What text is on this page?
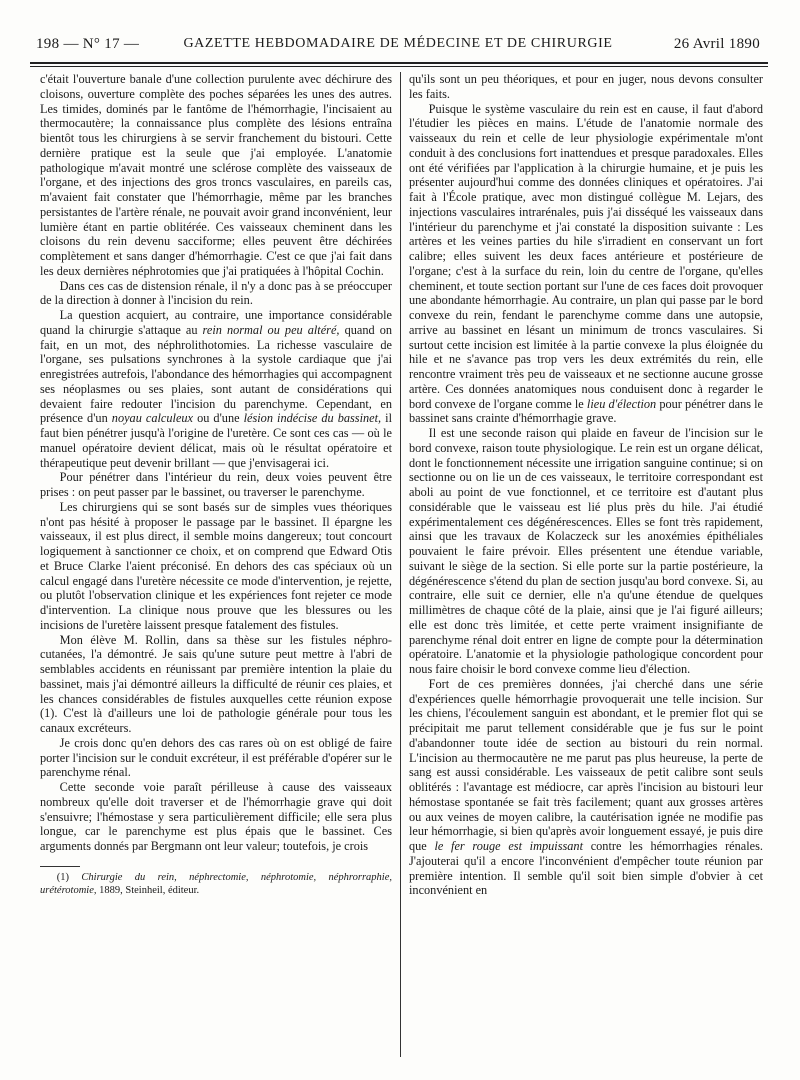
198 — N° 17 —	GAZETTE HEBDOMADAIRE DE MÉDECINE ET DE CHIRURGIE	26 Avril 1890

c'était l'ouverture banale d'une collection purulente avec déchirure des cloisons, ouverture complète des poches séparées les unes des autres. Les timides, dominés par le fantôme de l'hémorrhagie, l'incisaient au thermocautère; la connaissance plus complète des lésions entraîna bientôt tous les chirurgiens à se servir franchement du bistouri. Cette dernière pratique est la seule que j'ai employée. L'anatomie pathologique m'avait montré une sclérose complète des vaisseaux de l'organe, et des injections des gros troncs vasculaires, en pareils cas, m'avaient fait constater que l'hémorrhagie, même par les branches persistantes de l'artère rénale, ne pouvait avoir grand inconvénient, leur lumière étant en partie oblitérée. Ces vaisseaux cheminent dans les cloisons du rein devenu sacciforme; elles peuvent être déchirées complètement et sans danger d'hémorrhagie. C'est ce que j'ai fait dans les deux dernières néphrotomies que j'ai pratiquées à l'hôpital Cochin.

Dans ces cas de distension rénale, il n'y a donc pas à se préoccuper de la direction à donner à l'incision du rein.

La question acquiert, au contraire, une importance considérable quand la chirurgie s'attaque au rein normal ou peu altéré, quand on fait, en un mot, des néphrolithotomies. La richesse vasculaire de l'organe, ses pulsations synchrones à la systole cardiaque que j'ai enregistrées autrefois, l'abondance des hémorrhagies qui accompagnent ses néoplasmes ou ses plaies, sont autant de considérations qui devaient faire redouter l'incision du parenchyme. Cependant, en présence d'un noyau calculeux ou d'une lésion indécise du bassinet, il faut bien pénétrer jusqu'à l'origine de l'uretère. Ce sont ces cas — où le manuel opératoire devient délicat, mais où le résultat opératoire et thérapeutique peut devenir brillant — que j'envisagerai ici.

Pour pénétrer dans l'intérieur du rein, deux voies peuvent être prises : on peut passer par le bassinet, ou traverser le parenchyme.

Les chirurgiens qui se sont basés sur de simples vues théoriques n'ont pas hésité à proposer le passage par le bassinet. Il épargne les vaisseaux, il est plus direct, il semble moins dangereux; tout concourt logiquement à sanctionner ce choix, et on comprend que Edward Otis et Bruce Clarke l'aient préconisé. En dehors des cas spéciaux où un calcul engagé dans l'uretère nécessite ce mode d'intervention, je rejette, ou plutôt l'observation clinique et les expériences font rejeter ce mode d'intervention. La clinique nous prouve que les blessures ou les incisions de l'uretère laissent presque fatalement des fistules.

Mon élève M. Rollin, dans sa thèse sur les fistules néphro-cutanées, l'a démontré. Je sais qu'une suture peut mettre à l'abri de semblables accidents en réunissant par première intention la plaie du bassinet, mais j'ai démontré ailleurs la difficulté de réunir ces plaies, et les chances considérables de fistules auxquelles cette réunion expose (1). C'est là d'ailleurs une loi de pathologie générale pour tous les canaux excréteurs.

Je crois donc qu'en dehors des cas rares où on est obligé de faire porter l'incision sur le conduit excréteur, il est préférable d'opérer sur le parenchyme rénal.

Cette seconde voie paraît périlleuse à cause des vaisseaux nombreux qu'elle doit traverser et de l'hémorrhagie grave qui doit s'ensuivre; l'hémostase y sera particulièrement difficile; elle sera plus longue, car le parenchyme est plus épais que le bassinet. Ces arguments donnés par Bergmann ont leur valeur; toutefois, je crois

(1) Chirurgie du rein, néphrectomie, néphrotomie, néphrorraphie, urétérotomie, 1889, Steinheil, éditeur.

qu'ils sont un peu théoriques, et pour en juger, nous devons consulter les faits.

Puisque le système vasculaire du rein est en cause, il faut d'abord l'étudier les pièces en mains. L'étude de l'anatomie normale des vaisseaux du rein et celle de leur physiologie expérimentale m'ont conduit à des conclusions fort inattendues et presque paradoxales. Elles ont été vérifiées par l'application à la chirurgie humaine, et je puis les présenter aujourd'hui comme des données cliniques et opératoires. J'ai fait à l'École pratique, avec mon distingué collègue M. Lejars, des injections vasculaires intrarénales, puis j'ai disséqué les vaisseaux dans l'intérieur du parenchyme et j'ai constaté la disposition suivante : Les artères et les veines parties du hile s'irradient en conservant un fort calibre; elles suivent les deux faces antérieure et postérieure de l'organe; c'est à la surface du rein, loin du centre de l'organe, qu'elles cheminent, et toute section portant sur l'une de ces faces doit provoquer une abondante hémorrhagie. Au contraire, un plan qui passe par le bord convexe du rein, fendant le parenchyme comme dans une autopsie, arrive au bassinet en lésant un minimum de troncs vasculaires. Si surtout cette incision est limitée à la partie convexe la plus éloignée du hile et ne s'avance pas trop vers les deux extrémités du rein, elle rencontre vraiment très peu de vaisseaux et ne sectionne aucune grosse artère. Ces données anatomiques nous conduisent donc à regarder le bord convexe de l'organe comme le lieu d'élection pour pénétrer dans le bassinet sans crainte d'hémorrhagie grave.

Il est une seconde raison qui plaide en faveur de l'incision sur le bord convexe, raison toute physiologique. Le rein est un organe délicat, dont le fonctionnement nécessite une irrigation sanguine continue; si on sectionne ou on lie un de ces vaisseaux, le territoire correspondant est aboli au point de vue fonctionnel, et ce territoire est d'autant plus considérable que le vaisseau est lié plus près du hile. J'ai étudié expérimentalement ces dégénérescences. Elles se font très rapidement, ainsi que les travaux de Kolaczeck sur les anoxémies épithéliales pouvaient le faire prévoir. Elles présentent une étendue variable, suivant le siège de la section. Si elle porte sur la partie postérieure, la dégénérescence s'étend du plan de section jusqu'au bord convexe. Si, au contraire, elle suit ce dernier, elle n'a qu'une étendue de quelques millimètres de chaque côté de la plaie, ainsi que je l'ai figuré ailleurs; elle est donc très limitée, et cette perte vraiment insignifiante de parenchyme rénal doit entrer en ligne de compte pour la détermination opératoire. L'anatomie et la physiologie pathologique concordent pour nous faire choisir le bord convexe comme lieu d'élection.

Fort de ces premières données, j'ai cherché dans une série d'expériences quelle hémorrhagie provoquerait une telle incision. Sur les chiens, l'écoulement sanguin est abondant, et le premier flot qui se précipitait me parut tellement considérable que je fus sur le point d'abandonner toute idée de section au bistouri du rein normal. L'incision au thermocautère ne me parut pas plus heureuse, la perte de sang est aussi considérable. Les vaisseaux de petit calibre sont seuls oblitérés : l'avantage est médiocre, car après l'incision au bistouri leur hémostase spontanée se fait très facilement; quant aux grosses artères ou aux veines de moyen calibre, la cautérisation ignée ne modifie pas leur hémorrhagie, si bien qu'après avoir longuement essayé, je puis dire que le fer rouge est impuissant contre les hémorrhagies rénales. J'ajouterai qu'il a encore l'inconvénient d'empêcher toute réunion par première intention. Il semble qu'il soit bien simple d'obvier à cet inconvénient en
